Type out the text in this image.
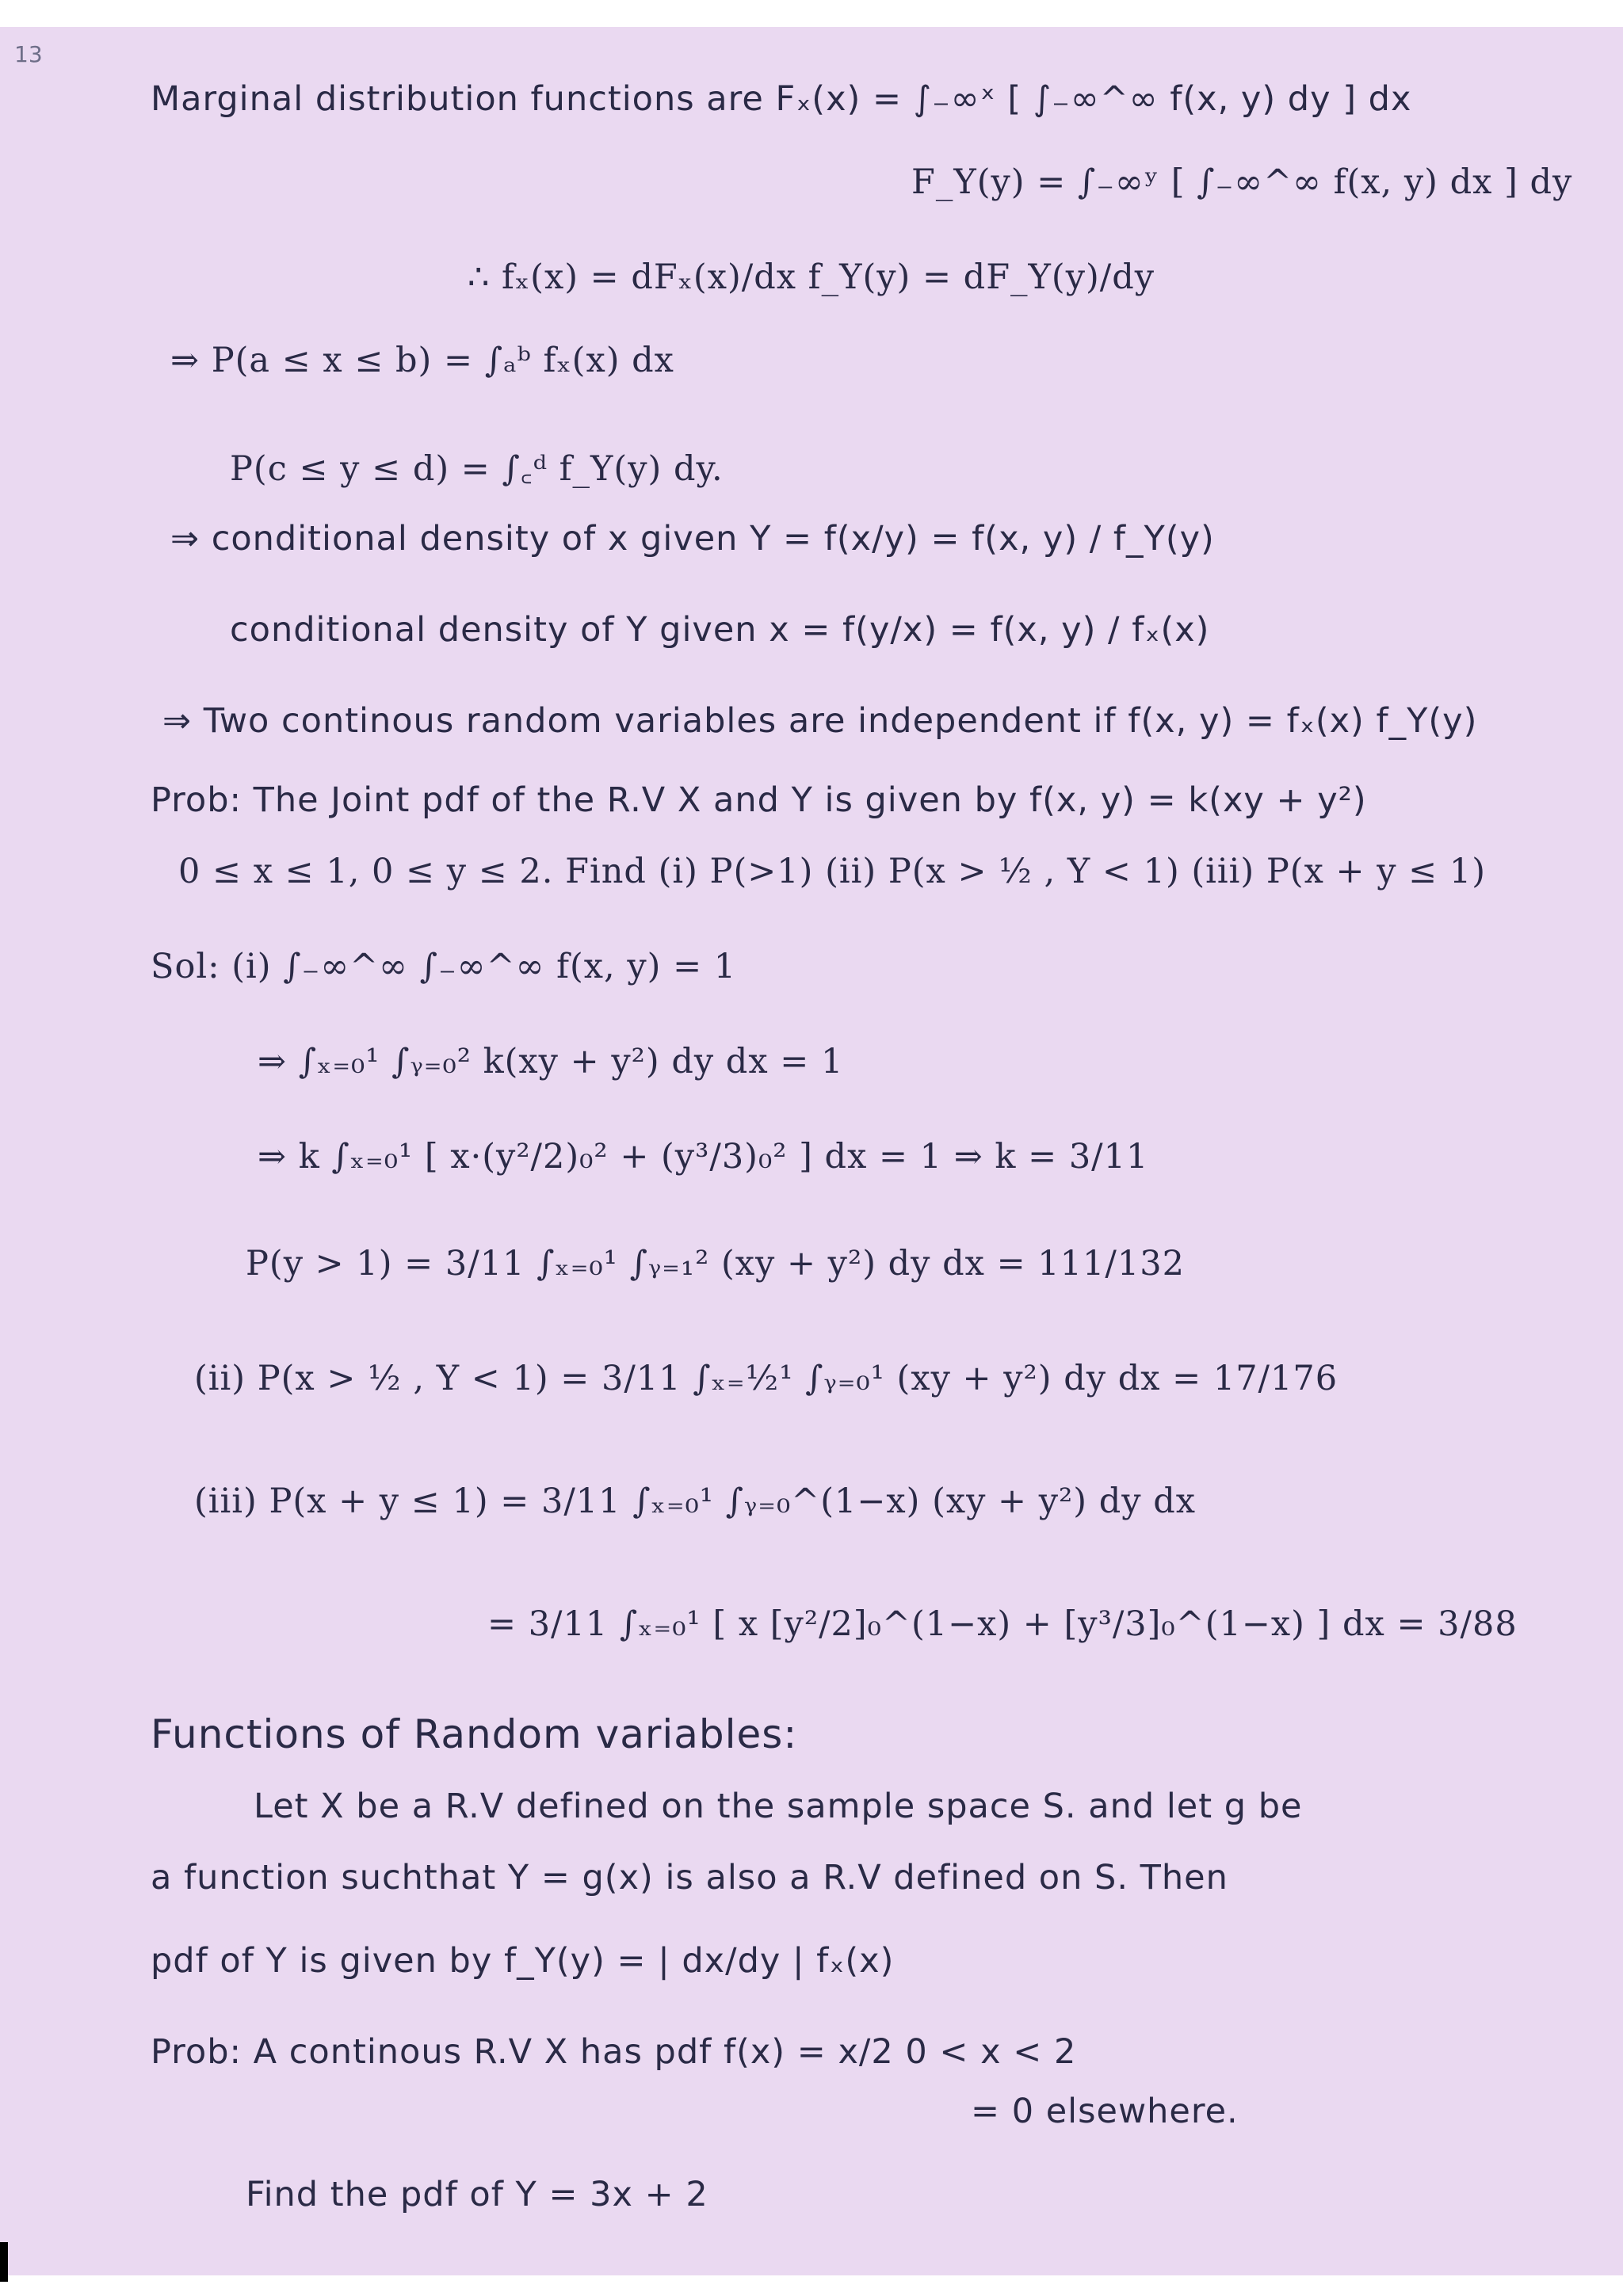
13
Marginal distribution functions are Fₓ(x) = ∫₋∞ˣ [ ∫₋∞^∞ f(x, y) dy ] dx
F_Y(y) = ∫₋∞ʸ [ ∫₋∞^∞ f(x, y) dx ] dy
∴ fₓ(x) = dFₓ(x)/dx f_Y(y) = dF_Y(y)/dy
⇒ P(a ≤ x ≤ b) = ∫ₐᵇ fₓ(x) dx
P(c ≤ y ≤ d) = ∫꜀ᵈ f_Y(y) dy.
⇒ conditional density of x given Y = f(x/y) = f(x, y) / f_Y(y)
conditional density of Y given x = f(y/x) = f(x, y) / fₓ(x)
⇒ Two continous random variables are independent if f(x, y) = fₓ(x) f_Y(y)
Prob: The Joint pdf of the R.V X and Y is given by f(x, y) = k(xy + y²)
0 ≤ x ≤ 1, 0 ≤ y ≤ 2. Find (i) P(>1) (ii) P(x > ½ , Y < 1) (iii) P(x + y ≤ 1)
Sol: (i) ∫₋∞^∞ ∫₋∞^∞ f(x, y) = 1
⇒ ∫ₓ₌₀¹ ∫ᵧ₌₀² k(xy + y²) dy dx = 1
⇒ k ∫ₓ₌₀¹ [ x·(y²/2)₀² + (y³/3)₀² ] dx = 1 ⇒ k = 3/11
P(y > 1) = 3/11 ∫ₓ₌₀¹ ∫ᵧ₌₁² (xy + y²) dy dx = 111/132
(ii) P(x > ½ , Y < 1) = 3/11 ∫ₓ₌½¹ ∫ᵧ₌₀¹ (xy + y²) dy dx = 17/176
(iii) P(x + y ≤ 1) = 3/11 ∫ₓ₌₀¹ ∫ᵧ₌₀^(1−x) (xy + y²) dy dx
= 3/11 ∫ₓ₌₀¹ [ x [y²/2]₀^(1−x) + [y³/3]₀^(1−x) ] dx = 3/88
Functions of Random variables:
Let X be a R.V defined on the sample space S. and let g be
a function suchthat Y = g(x) is also a R.V defined on S. Then
pdf of Y is given by f_Y(y) = | dx/dy | fₓ(x)
Prob: A continous R.V X has pdf f(x) = x/2 0 < x < 2
= 0 elsewhere.
Find the pdf of Y = 3x + 2
